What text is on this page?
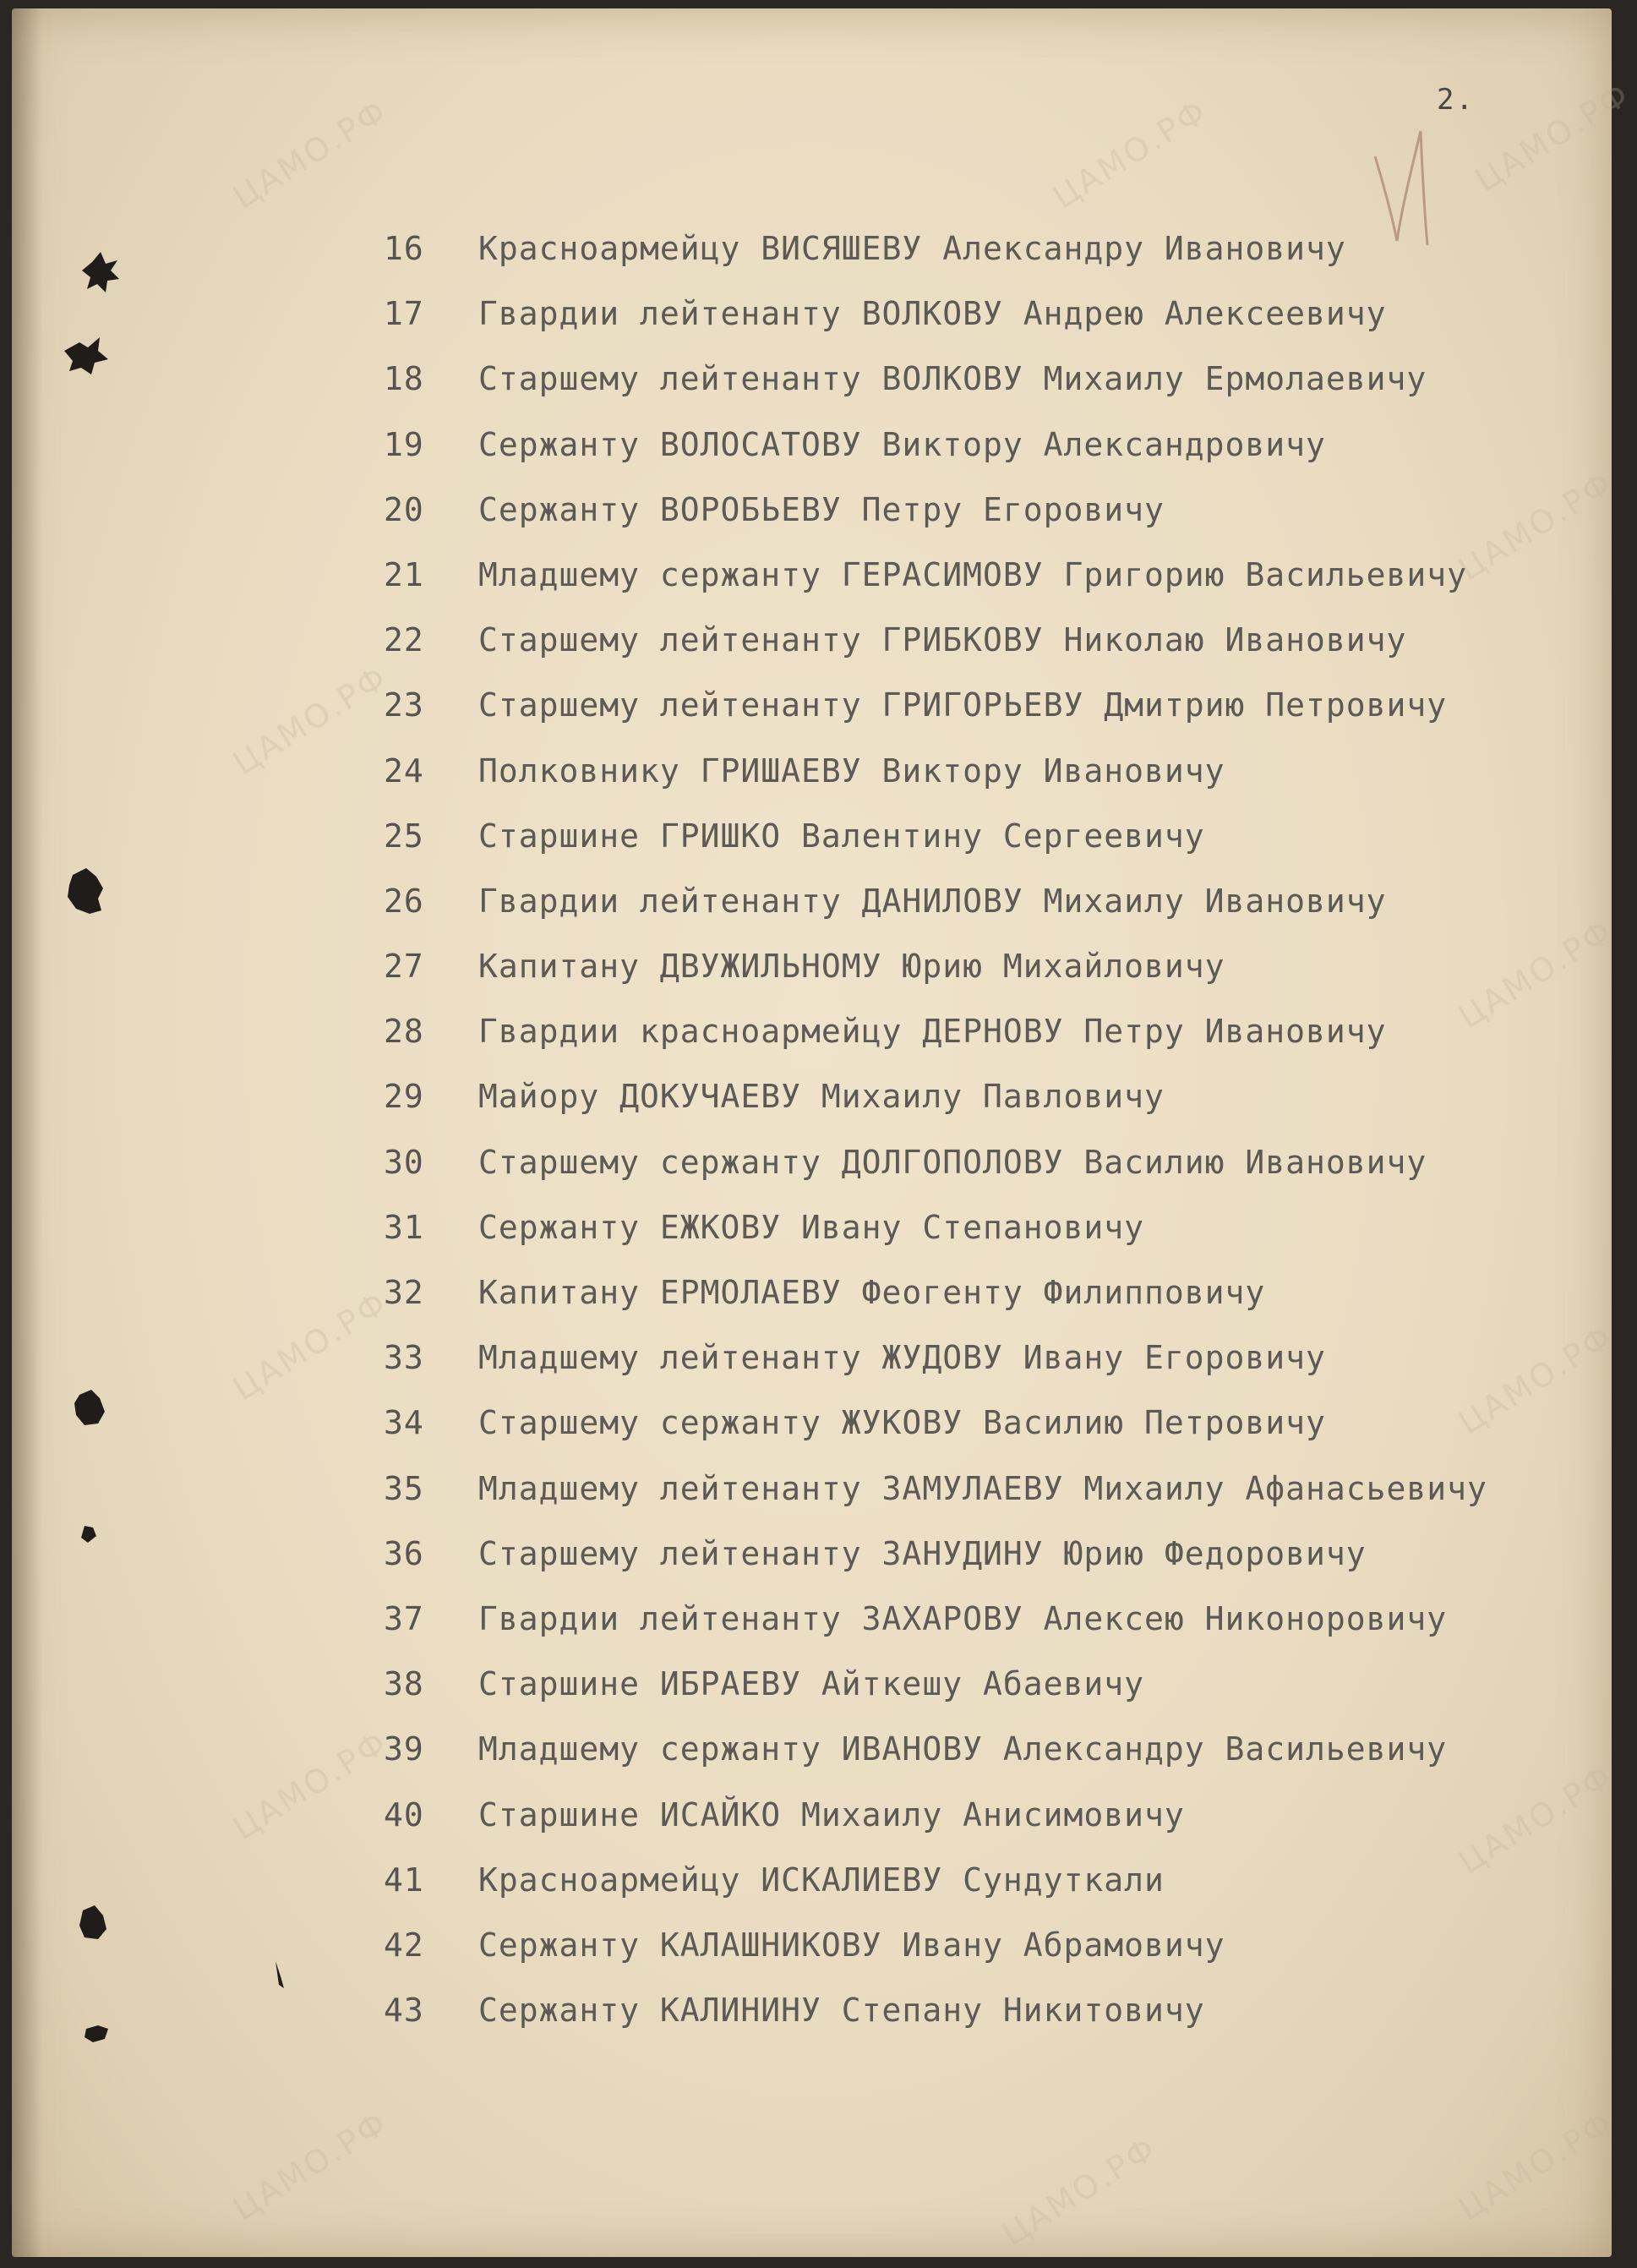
ЦАМО.РФ	ЦАМО.РФ	ЦАМО.РФ
ЦАМО.РФ
ЦАМО.РФ
ЦАМО.РФ
ЦАМО.РФ	ЦАМО.РФ
ЦАМО.РФ	ЦАМО.РФ
ЦАМО.РФ	ЦАМО.РФ	ЦАМО.РФ
2.
16	Красноармейцу ВИСЯШЕВУ Александру Ивановичу
17	Гвардии лейтенанту ВОЛКОВУ Андрею Алексеевичу
18	Старшему лейтенанту ВОЛКОВУ Михаилу Ермолаевичу
19	Сержанту ВОЛОСАТОВУ Виктору Александровичу
20	Сержанту ВОРОБЬЕВУ Петру Егоровичу
21	Младшему сержанту ГЕРАСИМОВУ Григорию Васильевичу
22	Старшему лейтенанту ГРИБКОВУ Николаю Ивановичу
23	Старшему лейтенанту ГРИГОРЬЕВУ Дмитрию Петровичу
24	Полковнику ГРИШАЕВУ Виктору Ивановичу
25	Старшине ГРИШКО Валентину Сергеевичу
26	Гвардии лейтенанту ДАНИЛОВУ Михаилу Ивановичу
27	Капитану ДВУЖИЛЬНОМУ Юрию Михайловичу
28	Гвардии красноармейцу ДЕРНОВУ Петру Ивановичу
29	Майору ДОКУЧАЕВУ Михаилу Павловичу
30	Старшему сержанту ДОЛГОПОЛОВУ Василию Ивановичу
31	Сержанту ЕЖКОВУ Ивану Степановичу
32	Капитану ЕРМОЛАЕВУ Феогенту Филипповичу
33	Младшему лейтенанту ЖУДОВУ Ивану Егоровичу
34	Старшему сержанту ЖУКОВУ Василию Петровичу
35	Младшему лейтенанту ЗАМУЛАЕВУ Михаилу Афанасьевичу
36	Старшему лейтенанту ЗАНУДИНУ Юрию Федоровичу
37	Гвардии лейтенанту ЗАХАРОВУ Алексею Никоноровичу
38	Старшине ИБРАЕВУ Айткешу Абаевичу
39	Младшему сержанту ИВАНОВУ Александру Васильевичу
40	Старшине ИСАЙКО Михаилу Анисимовичу
41	Красноармейцу ИСКАЛИЕВУ Сундуткали
42	Сержанту КАЛАШНИКОВУ Ивану Абрамовичу
43	Сержанту КАЛИНИНУ Степану Никитовичу
